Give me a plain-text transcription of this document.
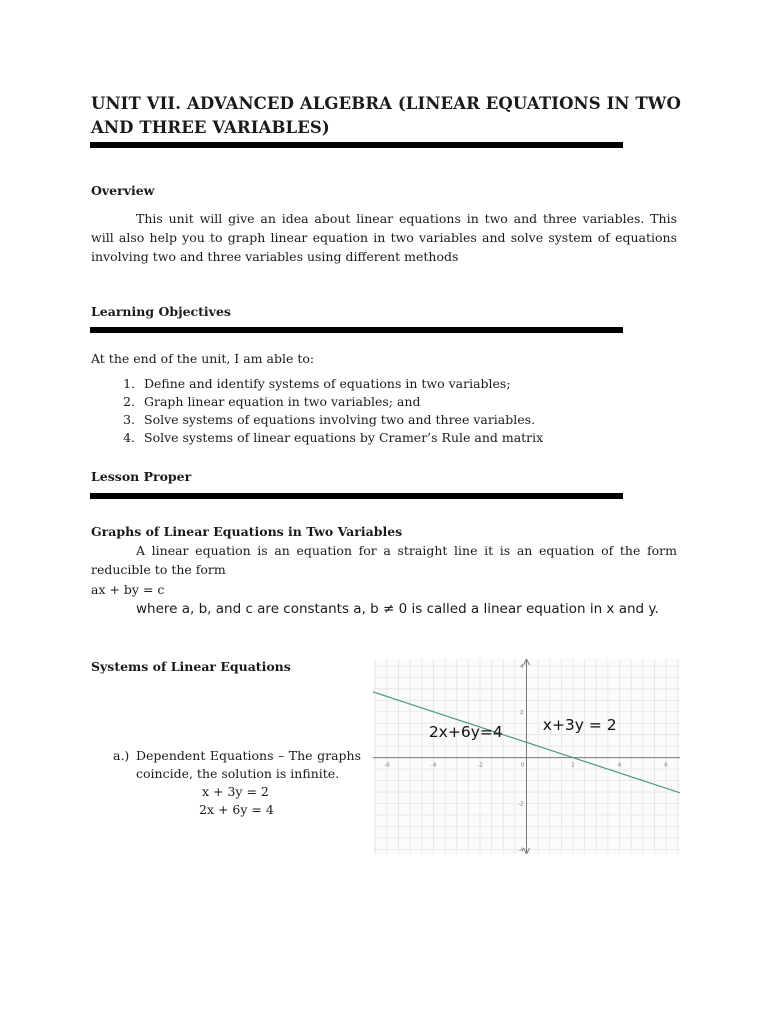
UNIT VII. ADVANCED ALGEBRA (LINEAR EQUATIONS IN TWO AND THREE VARIABLES)
Overview
This unit will give an idea about linear equations in two and three variables. This will also help you to graph linear equation in two variables and solve system of equations involving two and three variables using different methods
Learning Objectives
At the end of the unit, I am able to:
1. Define and identify systems of equations in two variables;
2. Graph linear equation in two variables; and
3. Solve systems of equations involving two and three variables.
4. Solve systems of linear equations by Cramer’s Rule and matrix
Lesson Proper
Graphs of Linear Equations in Two Variables
A linear equation is an equation for a straight line it is an equation of the form reducible to the form
ax + by = c
where a, b, and c are constants a, b ≠ 0 is called a linear equation in x and y.
Systems of Linear Equations
a.) Dependent Equations – The graphs
coincide, the solution is infinite.
x + 3y = 2
2x + 6y = 4
-6	-4	-2	0	2	4	6
-4
-2
2
4
2x+6y=4	x+3y = 2
